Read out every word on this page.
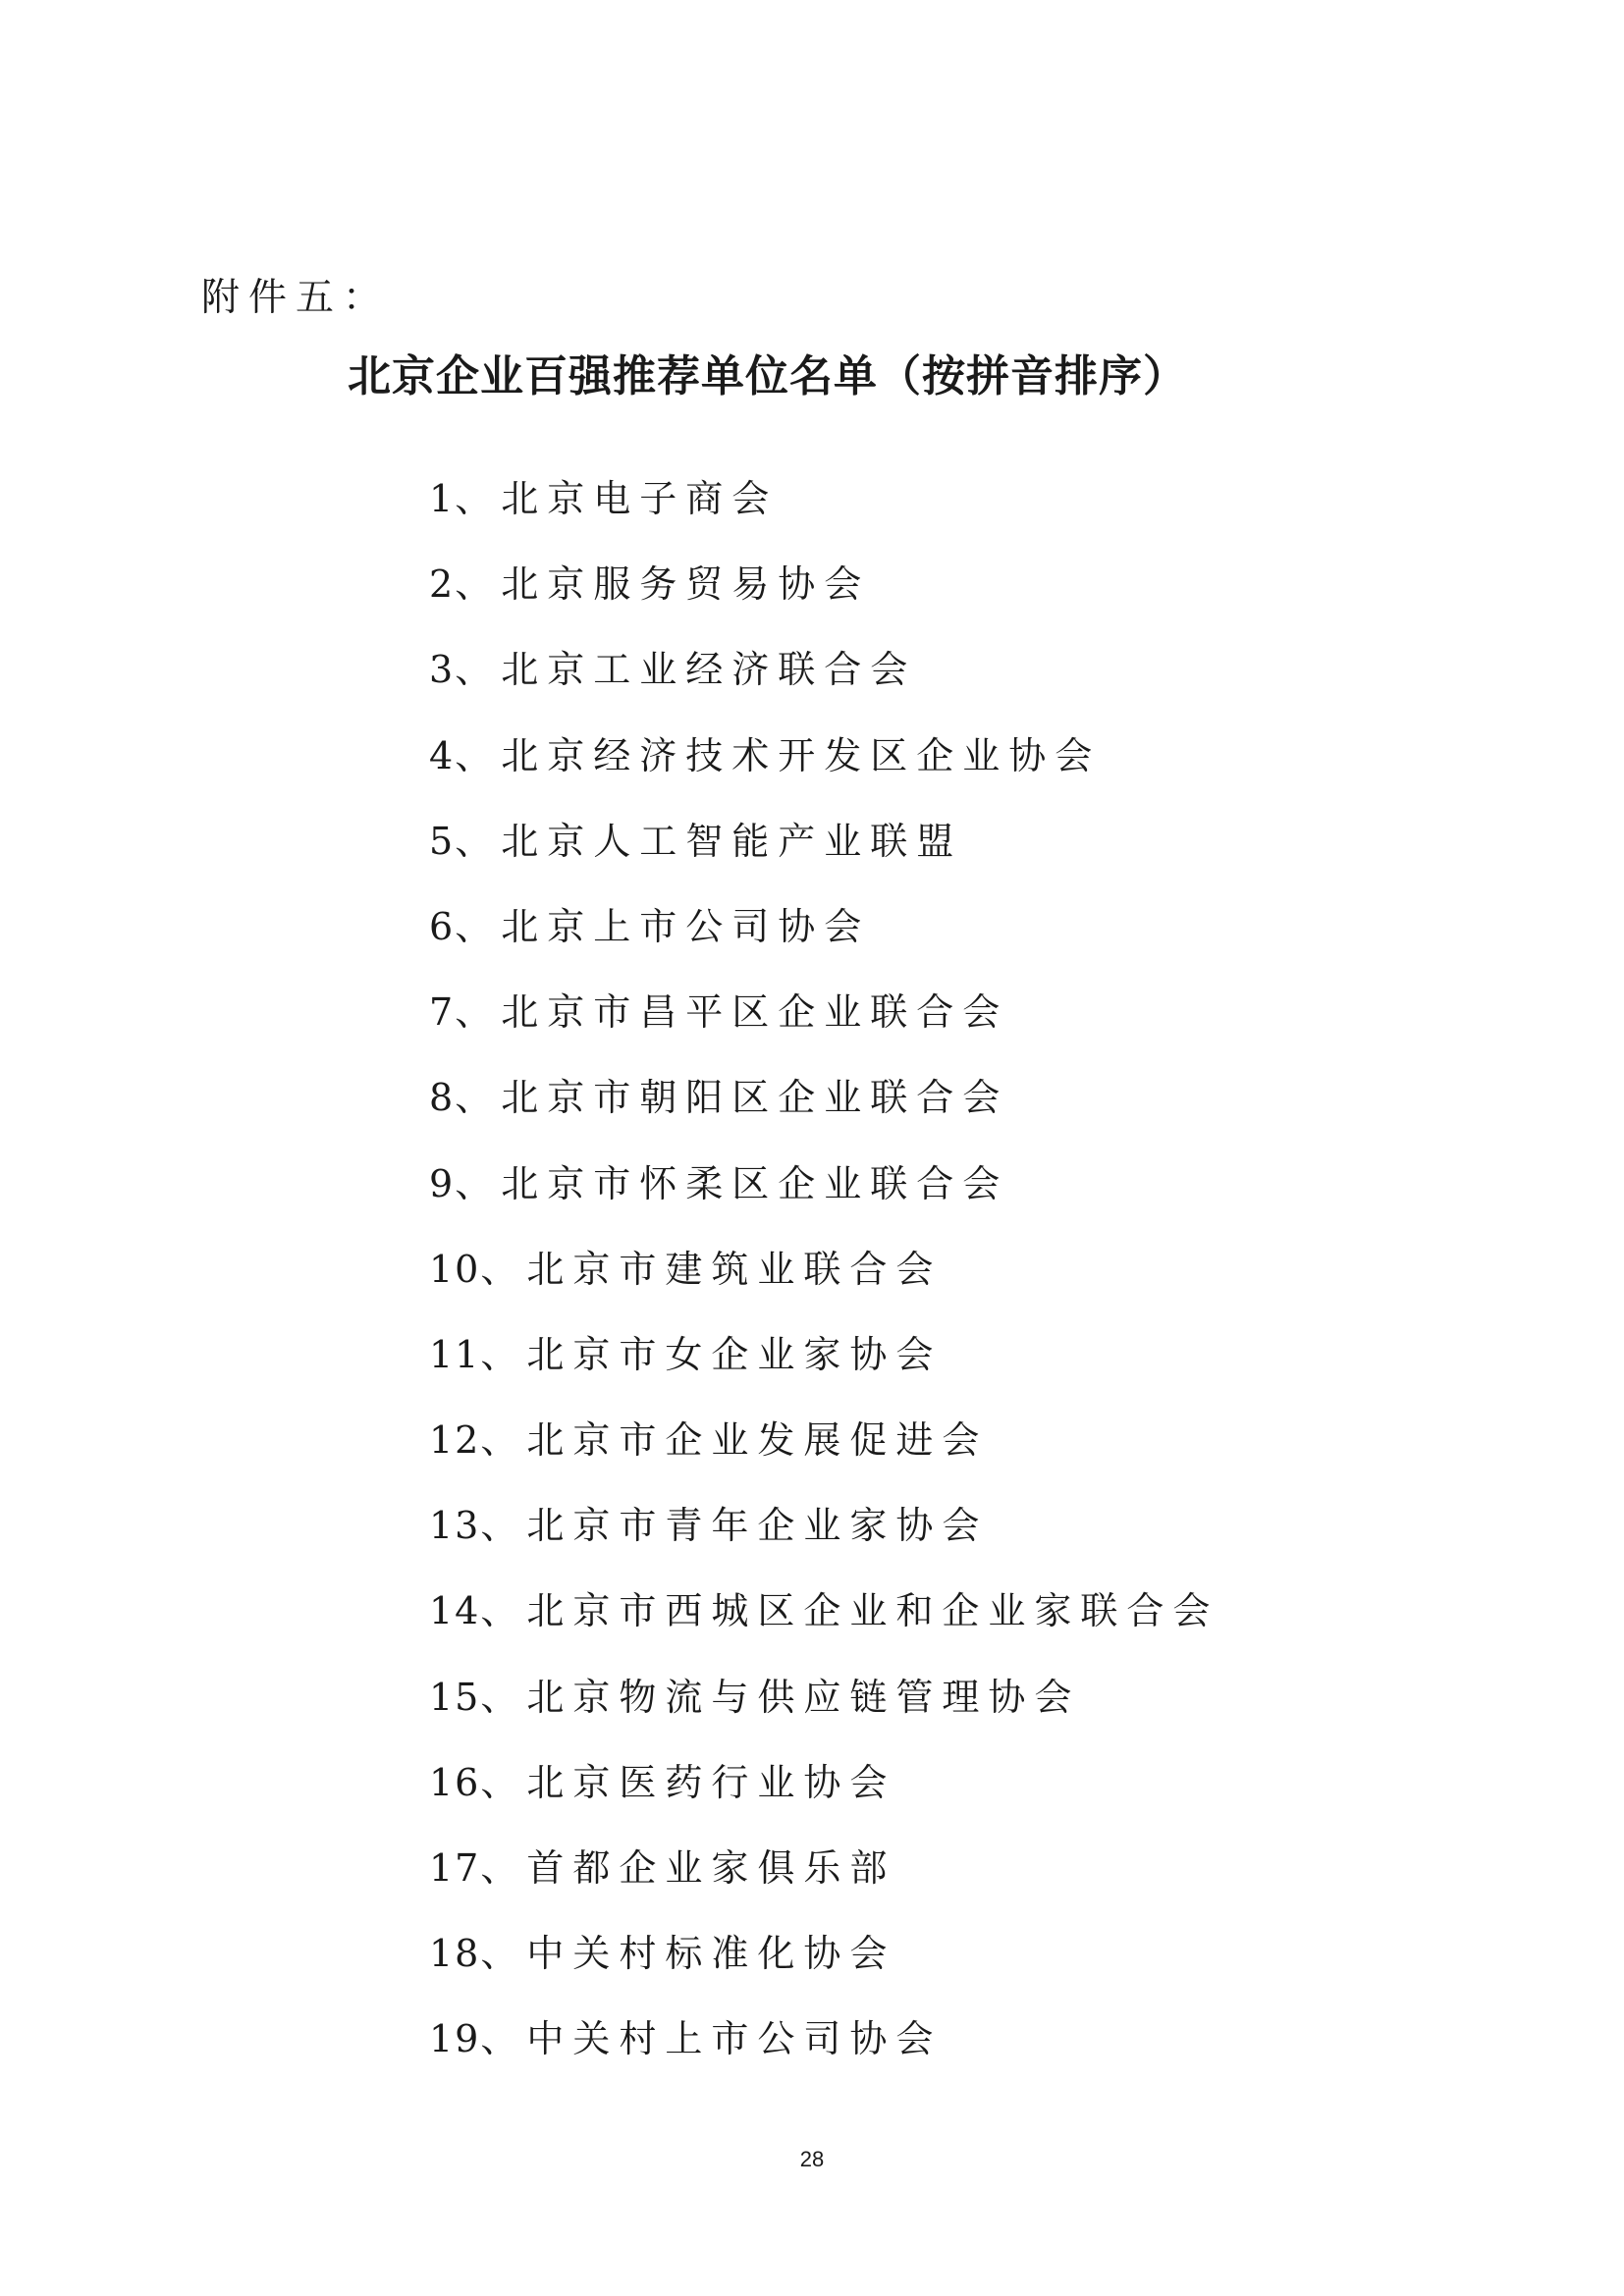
附件五：
北京企业百强推荐单位名单（按拼音排序）
1、北京电子商会
2、北京服务贸易协会
3、北京工业经济联合会
4、北京经济技术开发区企业协会
5、北京人工智能产业联盟
6、北京上市公司协会
7、北京市昌平区企业联合会
8、北京市朝阳区企业联合会
9、北京市怀柔区企业联合会
10、北京市建筑业联合会
11、北京市女企业家协会
12、北京市企业发展促进会
13、北京市青年企业家协会
14、北京市西城区企业和企业家联合会
15、北京物流与供应链管理协会
16、北京医药行业协会
17、首都企业家俱乐部
18、中关村标准化协会
19、中关村上市公司协会
28
